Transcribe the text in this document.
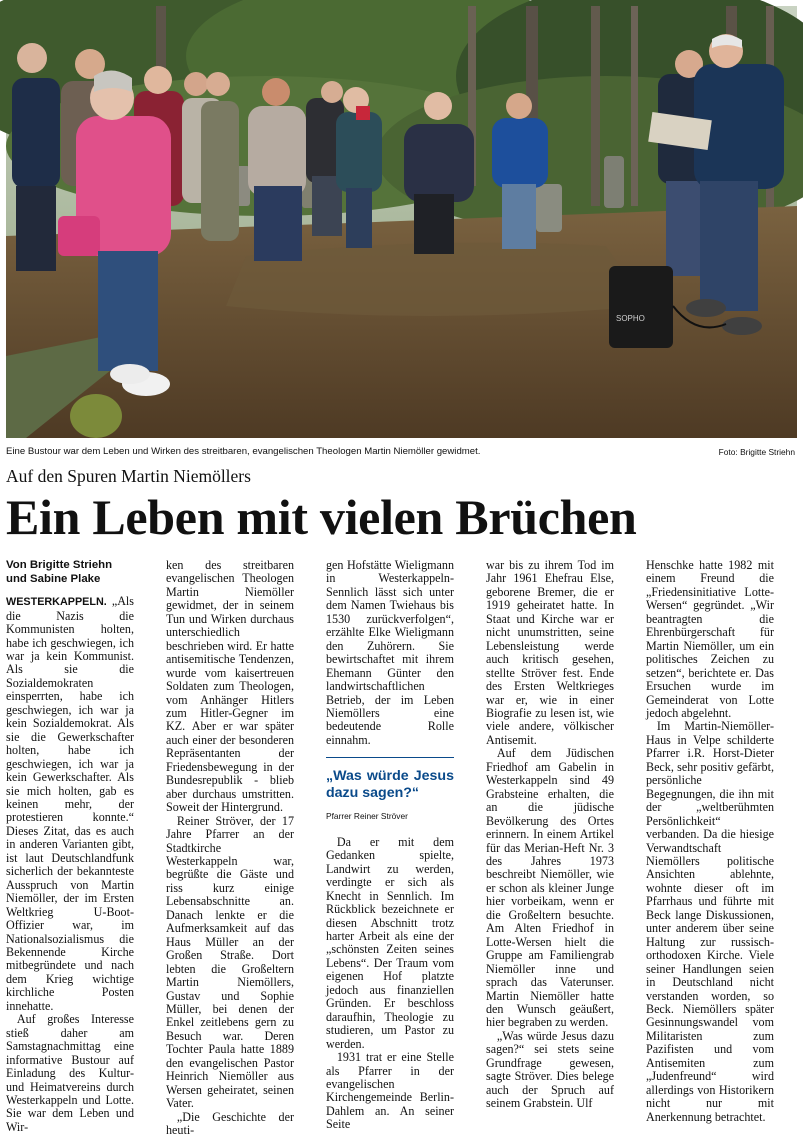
SOPHO
Eine Bustour war dem Leben und Wirken des streitbaren, evangelischen Theologen Martin Niemöller gewidmet.	Foto: Brigitte Striehn
Auf den Spuren Martin Niemöllers
Ein Leben mit vielen Brüchen
Von Brigitte Striehn
und Sabine Plake

WESTERKAPPELN. „Als die Nazis die Kommunisten holten, habe ich geschwiegen, ich war ja kein Kommunist. Als sie die Sozialdemokraten einsperrten, habe ich geschwiegen, ich war ja kein Sozialdemokrat. Als sie die Gewerkschafter holten, habe ich geschwiegen, ich war ja kein Gewerkschafter. Als sie mich holten, gab es keinen mehr, der protestieren konnte.“ Dieses Zitat, das es auch in anderen Varianten gibt, ist laut Deutschlandfunk sicherlich der bekannteste Ausspruch von Martin Niemöller, der im Ersten Weltkrieg U-Boot-Offizier war, im Nationalsozialismus die Bekennende Kirche mitbegründete und nach dem Krieg wichtige kirchliche Posten innehatte.

Auf großes Interesse stieß daher am Samstagnachmittag eine informative Bustour auf Einladung des Kultur- und Heimatvereins durch Westerkappeln und Lotte. Sie war dem Leben und Wir-

ken des streitbaren evangelischen Theologen Martin Niemöller gewidmet, der in seinem Tun und Wirken durchaus unterschiedlich beschrieben wird. Er hatte antisemitische Tendenzen, wurde vom kaisertreuen Soldaten zum Theologen, vom Anhänger Hitlers zum Hitler-Gegner im KZ. Aber er war später auch einer der besonderen Repräsentanten der Friedensbewegung in der Bundesrepublik - blieb aber durchaus umstritten. Soweit der Hintergrund.

Reiner Ströver, der 17 Jahre Pfarrer an der Stadtkirche Westerkappeln war, begrüßte die Gäste und riss kurz einige Lebensabschnitte an. Danach lenkte er die Aufmerksamkeit auf das Haus Müller an der Großen Straße. Dort lebten die Großeltern Martin Niemöllers, Gustav und Sophie Müller, bei denen der Enkel zeitlebens gern zu Besuch war. Deren Tochter Paula hatte 1889 den evangelischen Pastor Heinrich Niemöller aus Wersen geheiratet, seinen Vater.

„Die Geschichte der heuti-

gen Hofstätte Wieligmann in Westerkappeln-Sennlich lässt sich unter dem Namen Twiehaus bis 1530 zurückverfolgen“, erzählte Elke Wieligmann den Zuhörern. Sie bewirtschaftet mit ihrem Ehemann Günter den landwirtschaftlichen Betrieb, der im Leben Niemöllers eine bedeutende Rolle einnahm.

„Was würde Jesus dazu sagen?“
Pfarrer Reiner Ströver

Da er mit dem Gedanken spielte, Landwirt zu werden, verdingte er sich als Knecht in Sennlich. Im Rückblick bezeichnete er diesen Abschnitt trotz harter Arbeit als eine der „schönsten Zeiten seines Lebens“. Der Traum vom eigenen Hof platzte jedoch aus finanziellen Gründen. Er beschloss daraufhin, Theologie zu studieren, um Pastor zu werden.

1931 trat er eine Stelle als Pfarrer in der evangelischen Kirchengemeinde Berlin-Dahlem an. An seiner Seite

war bis zu ihrem Tod im Jahr 1961 Ehefrau Else, geborene Bremer, die er 1919 geheiratet hatte. In Staat und Kirche war er nicht unumstritten, seine Lebensleistung werde auch kritisch gesehen, stellte Ströver fest. Ende des Ersten Weltkrieges war er, wie in einer Biografie zu lesen ist, wie viele andere, völkischer Antisemit.

Auf dem Jüdischen Friedhof am Gabelin in Westerkappeln sind 49 Grabsteine erhalten, die an die jüdische Bevölkerung des Ortes erinnern. In einem Artikel für das Merian-Heft Nr. 3 des Jahres 1973 beschreibt Niemöller, wie er schon als kleiner Junge hier vorbeikam, wenn er die Großeltern besuchte. Am Alten Friedhof in Lotte-Wersen hielt die Gruppe am Familiengrab Niemöller inne und sprach das Vaterunser. Martin Niemöller hatte den Wunsch geäußert, hier begraben zu werden.

„Was würde Jesus dazu sagen?“ sei stets seine Grundfrage gewesen, sagte Ströver. Dies belege auch der Spruch auf seinem Grabstein. Ulf

Henschke hatte 1982 mit einem Freund die „Friedensinitiative Lotte-Wersen“ gegründet. „Wir beantragten die Ehrenbürgerschaft für Martin Niemöller, um ein politisches Zeichen zu setzen“, berichtete er. Das Ersuchen wurde im Gemeinderat von Lotte jedoch abgelehnt.

Im Martin-Niemöller-Haus in Velpe schilderte Pfarrer i.R. Horst-Dieter Beck, sehr positiv gefärbt, persönliche Begegnungen, die ihn mit der „weltberühmten Persönlichkeit“ verbanden. Da die hiesige Verwandtschaft Niemöllers politische Ansichten ablehnte, wohnte dieser oft im Pfarrhaus und führte mit Beck lange Diskussionen, unter anderem über seine Haltung zur russisch-orthodoxen Kirche. Viele seiner Handlungen seien in Deutschland nicht verstanden worden, so Beck. Niemöllers später Gesinnungswandel vom Militaristen zum Pazifisten und vom Antisemiten zum „Judenfreund“ wird allerdings von Historikern nicht nur mit Anerkennung betrachtet.
